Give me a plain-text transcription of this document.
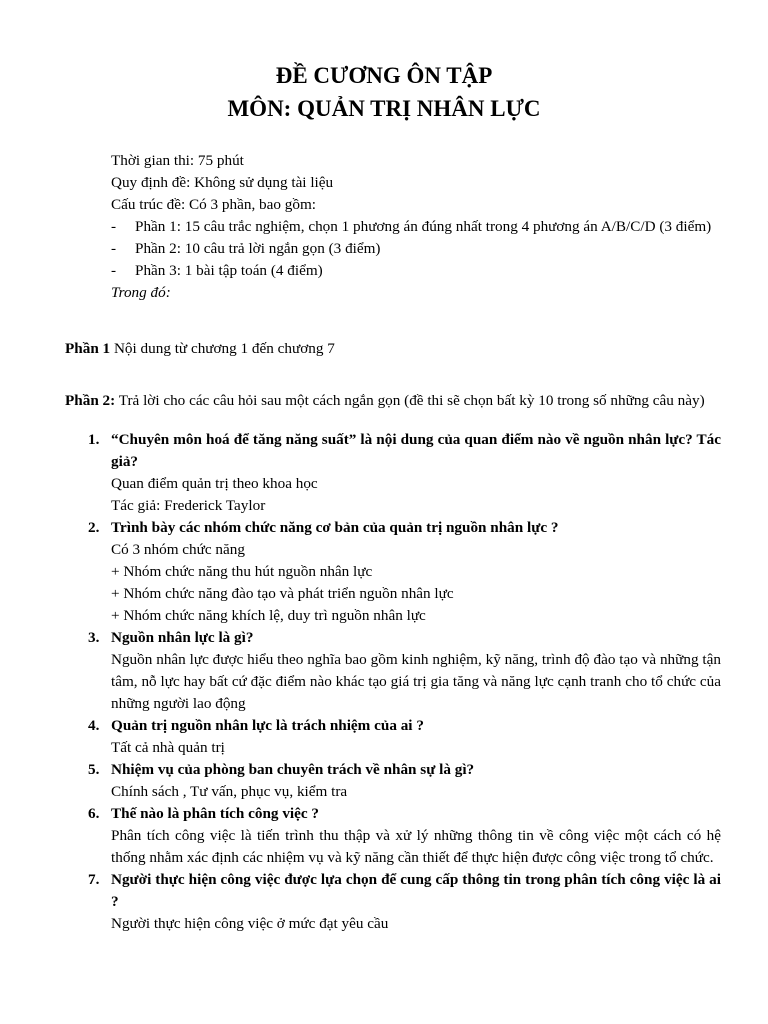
ĐỀ CƯƠNG ÔN TẬP
MÔN: QUẢN TRỊ NHÂN LỰC
Thời gian thi: 75 phút
Quy định đề: Không sử dụng tài liệu
Cấu trúc đề: Có 3 phần, bao gồm:
- Phần 1: 15 câu trắc nghiệm, chọn 1 phương án đúng nhất trong 4 phương án A/B/C/D (3 điểm)
- Phần 2: 10 câu trả lời ngắn gọn (3 điểm)
- Phần 3: 1 bài tập toán (4 điểm)
Trong đó:
Phần 1 Nội dung từ chương 1 đến chương 7
Phần 2: Trả lời cho các câu hỏi sau một cách ngắn gọn (đề thi sẽ chọn bất kỳ 10 trong số những câu này)
1. “Chuyên môn hoá để tăng năng suất” là nội dung của quan điểm nào về nguồn nhân lực? Tác giả?
Quan điểm quản trị theo khoa học
Tác giả: Frederick Taylor
2. Trình bày các nhóm chức năng cơ bản của quản trị nguồn nhân lực ?
Có 3 nhóm chức năng
+ Nhóm chức năng thu hút nguồn nhân lực
+ Nhóm chức năng đào tạo và phát triển nguồn nhân lực
+ Nhóm chức năng khích lệ, duy trì nguồn nhân lực
3. Nguồn nhân lực là gì?
Nguồn nhân lực được hiểu theo nghĩa bao gồm kinh nghiệm, kỹ năng, trình độ đào tạo và những tận tâm, nỗ lực hay bất cứ đặc điểm nào khác tạo giá trị gia tăng và năng lực cạnh tranh cho tổ chức của những người lao động
4. Quản trị nguồn nhân lực là trách nhiệm của ai ?
Tất cả nhà quản trị
5. Nhiệm vụ của phòng ban chuyên trách về nhân sự là gì?
Chính sách , Tư vấn, phục vụ, kiểm tra
6. Thế nào là phân tích công việc ?
Phân tích công việc là tiến trình thu thập và xử lý những thông tin về công việc một cách có hệ thống nhằm xác định các nhiệm vụ và kỹ năng cần thiết để thực hiện được công việc trong tổ chức.
7. Người thực hiện công việc được lựa chọn để cung cấp thông tin trong phân tích công việc là ai ?
Người thực hiện công việc ở mức đạt yêu cầu
